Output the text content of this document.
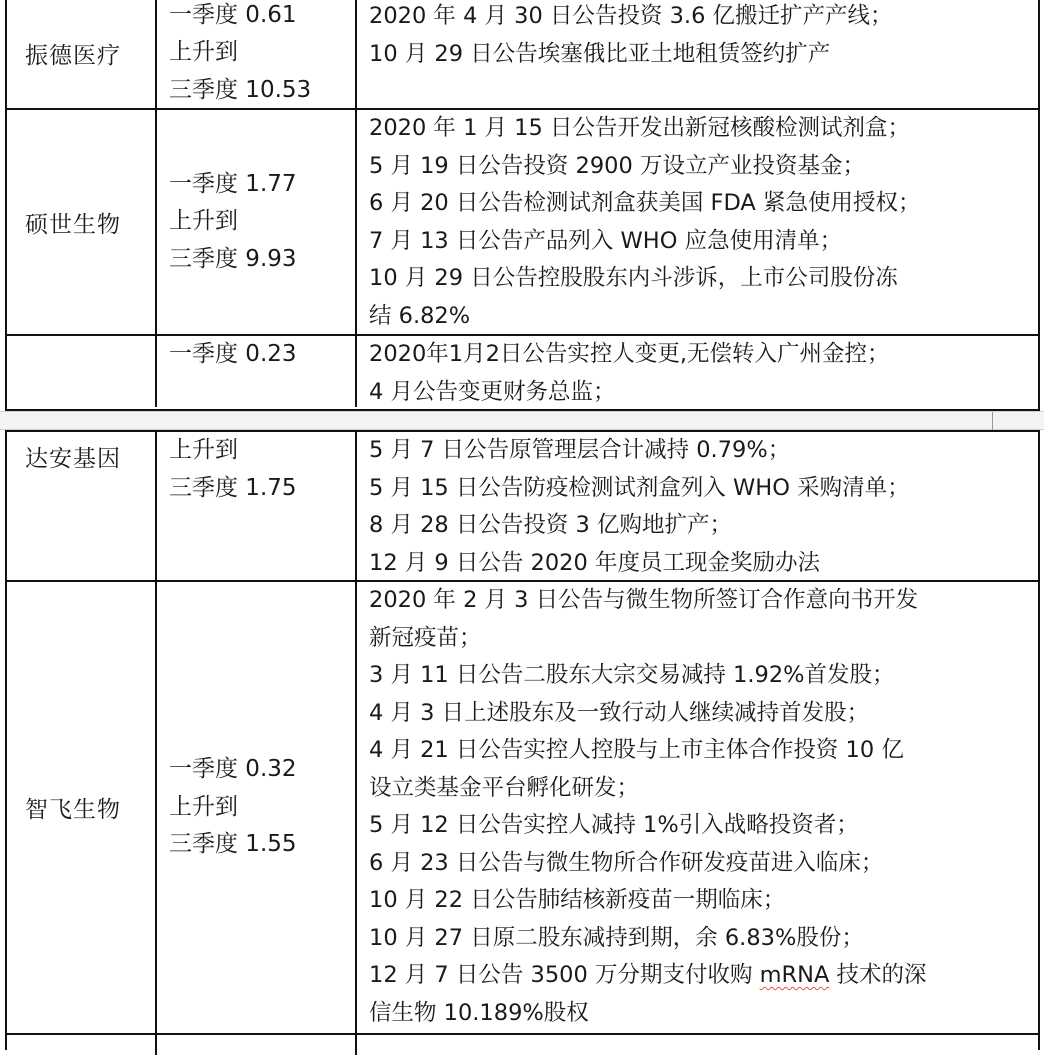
振德医疗
一季度 0.61
上升到
三季度 10.53
2020 年 4 月 30 日公告投资 3.6 亿搬迁扩产产线；
10 月 29 日公告埃塞俄比亚土地租赁签约扩产
硕世生物
一季度 1.77
上升到
三季度 9.93
2020 年 1 月 15 日公告开发出新冠核酸检测试剂盒；
5 月 19 日公告投资 2900 万设立产业投资基金；
6 月 20 日公告检测试剂盒获美国 FDA 紧急使用授权；
7 月 13 日公告产品列入 WHO 应急使用清单；
10 月 29 日公告控股股东内斗涉诉，上市公司股份冻
结 6.82%
一季度 0.23	2020年1月2日公告实控人变更,无偿转入广州金控；
4 月公告变更财务总监；
达安基因	上升到
三季度 1.75
5 月 7 日公告原管理层合计减持 0.79%；
5 月 15 日公告防疫检测试剂盒列入 WHO 采购清单；
8 月 28 日公告投资 3 亿购地扩产；
12 月 9 日公告 2020 年度员工现金奖励办法
智飞生物
一季度 0.32
上升到
三季度 1.55
2020 年 2 月 3 日公告与微生物所签订合作意向书开发
新冠疫苗；
3 月 11 日公告二股东大宗交易减持 1.92%首发股；
4 月 3 日上述股东及一致行动人继续减持首发股；
4 月 21 日公告实控人控股与上市主体合作投资 10 亿
设立类基金平台孵化研发；
5 月 12 日公告实控人减持 1%引入战略投资者；
6 月 23 日公告与微生物所合作研发疫苗进入临床；
10 月 22 日公告肺结核新疫苗一期临床；
10 月 27 日原二股东减持到期，余 6.83%股份；
12 月 7 日公告 3500 万分期支付收购 mRNA 技术的深
信生物 10.189%股权
